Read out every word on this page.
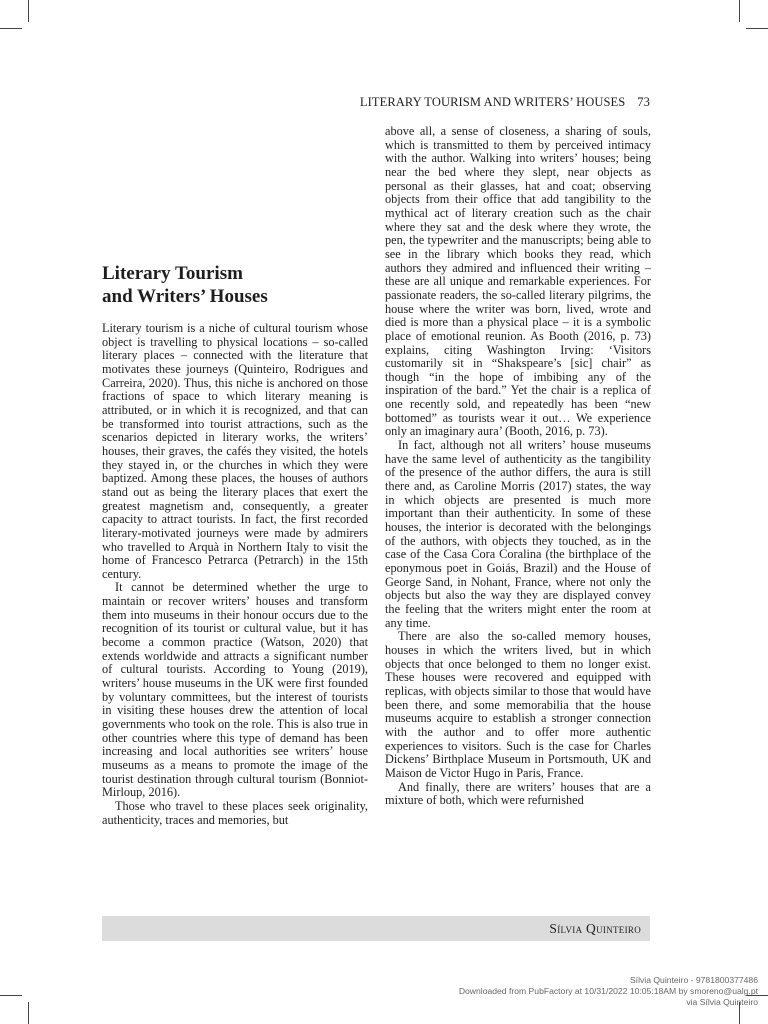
LITERARY TOURISM AND WRITERS’ HOUSES 73
Literary Tourism
and Writers’ Houses

Literary tourism is a niche of cultural tourism whose object is travelling to physical locations – so-called literary places – connected with the literature that motivates these journeys (Quinteiro, Rodrigues and Carreira, 2020). Thus, this niche is anchored on those fractions of space to which literary meaning is attributed, or in which it is recognized, and that can be transformed into tourist attractions, such as the scenarios depicted in literary works, the writers’ houses, their graves, the cafés they visited, the hotels they stayed in, or the churches in which they were baptized. Among these places, the houses of authors stand out as being the literary places that exert the greatest magnetism and, consequently, a greater capacity to attract tourists. In fact, the first recorded literary-motivated journeys were made by admirers who travelled to Arquà in Northern Italy to visit the home of Francesco Petrarca (Petrarch) in the 15th century.

It cannot be determined whether the urge to maintain or recover writers’ houses and transform them into museums in their honour occurs due to the recognition of its tourist or cultural value, but it has become a common practice (Watson, 2020) that extends worldwide and attracts a significant number of cultural tourists. According to Young (2019), writers’ house museums in the UK were first founded by voluntary committees, but the interest of tourists in visiting these houses drew the attention of local governments who took on the role. This is also true in other countries where this type of demand has been increasing and local authorities see writers’ house museums as a means to promote the image of the tourist destination through cultural tourism (Bonniot-Mirloup, 2016).

Those who travel to these places seek originality, authenticity, traces and memories, but

above all, a sense of closeness, a sharing of souls, which is transmitted to them by perceived intimacy with the author. Walking into writers’ houses; being near the bed where they slept, near objects as personal as their glasses, hat and coat; observing objects from their office that add tangibility to the mythical act of literary creation such as the chair where they sat and the desk where they wrote, the pen, the typewriter and the manuscripts; being able to see in the library which books they read, which authors they admired and influenced their writing – these are all unique and remarkable experiences. For passionate readers, the so-called literary pilgrims, the house where the writer was born, lived, wrote and died is more than a physical place – it is a symbolic place of emotional reunion. As Booth (2016, p. 73) explains, citing Washington Irving: ‘Visitors customarily sit in “Shakspeare’s [sic] chair” as though “in the hope of imbibing any of the inspiration of the bard.” Yet the chair is a replica of one recently sold, and repeatedly has been “new bottomed” as tourists wear it out… We experience only an imaginary aura’ (Booth, 2016, p. 73).

In fact, although not all writers’ house museums have the same level of authenticity as the tangibility of the presence of the author differs, the aura is still there and, as Caroline Morris (2017) states, the way in which objects are presented is much more important than their authenticity. In some of these houses, the interior is decorated with the belongings of the authors, with objects they touched, as in the case of the Casa Cora Coralina (the birthplace of the eponymous poet in Goiás, Brazil) and the House of George Sand, in Nohant, France, where not only the objects but also the way they are displayed convey the feeling that the writers might enter the room at any time.

There are also the so-called memory houses, houses in which the writers lived, but in which objects that once belonged to them no longer exist. These houses were recovered and equipped with replicas, with objects similar to those that would have been there, and some memorabilia that the house museums acquire to establish a stronger connection with the author and to offer more authentic experiences to visitors. Such is the case for Charles Dickens’ Birthplace Museum in Portsmouth, UK and Maison de Victor Hugo in Paris, France.

And finally, there are writers’ houses that are a mixture of both, which were refurnished

Sílvia Quinteiro
Sílvia Quinteiro - 9781800377486
Downloaded from PubFactory at 10/31/2022 10:05:18AM by smoreno@ualg.pt
via Sílvia Quinteiro
